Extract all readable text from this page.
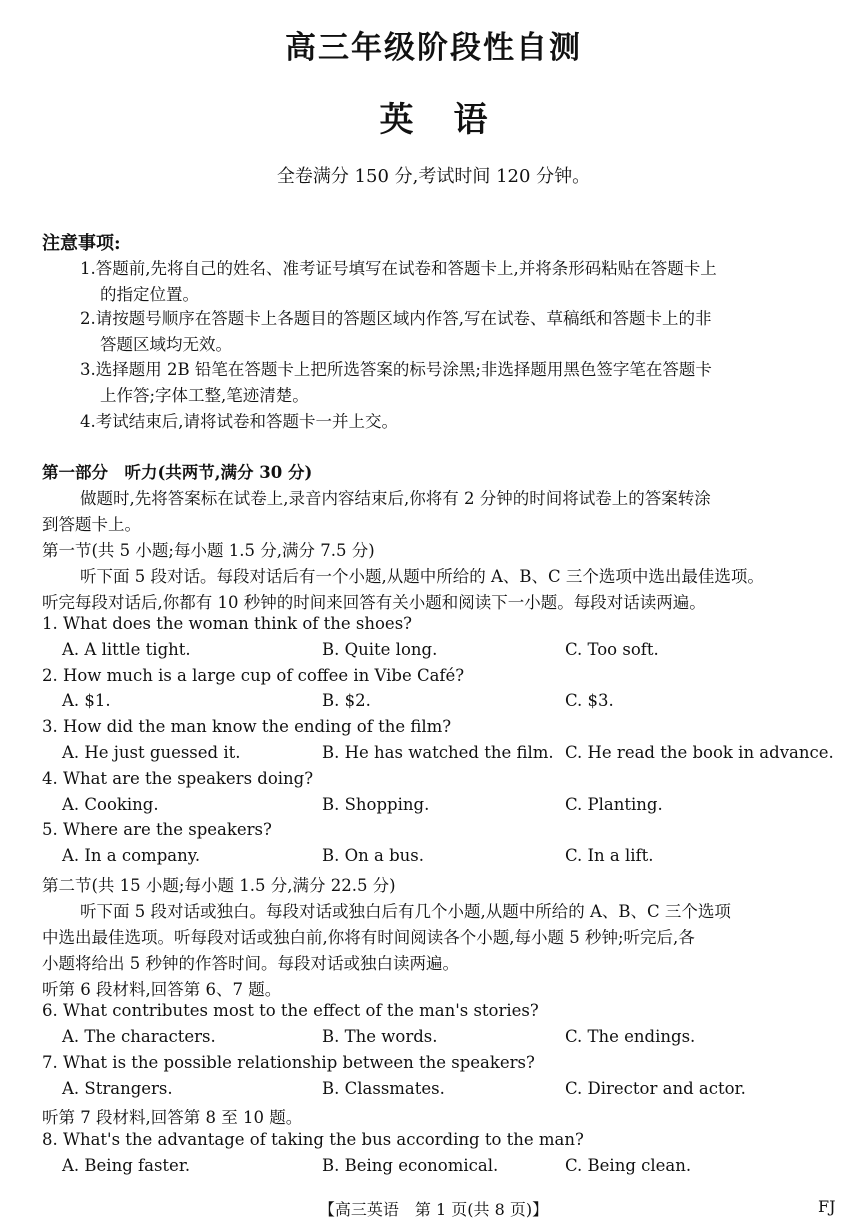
高三年级阶段性自测
英语
全卷满分 150 分,考试时间 120 分钟。
注意事项:
1.答题前,先将自己的姓名、准考证号填写在试卷和答题卡上,并将条形码粘贴在答题卡上
的指定位置。
2.请按题号顺序在答题卡上各题目的答题区域内作答,写在试卷、草稿纸和答题卡上的非
答题区域均无效。
3.选择题用 2B 铅笔在答题卡上把所选答案的标号涂黑;非选择题用黑色签字笔在答题卡
上作答;字体工整,笔迹清楚。
4.考试结束后,请将试卷和答题卡一并上交。
第一部分　听力(共两节,满分 30 分)
做题时,先将答案标在试卷上,录音内容结束后,你将有 2 分钟的时间将试卷上的答案转涂
到答题卡上。
第一节(共 5 小题;每小题 1.5 分,满分 7.5 分)
听下面 5 段对话。每段对话后有一个小题,从题中所给的 A、B、C 三个选项中选出最佳选项。
听完每段对话后,你都有 10 秒钟的时间来回答有关小题和阅读下一小题。每段对话读两遍。
1. What does the woman think of the shoes?
A. A little tight.	B. Quite long.	C. Too soft.
2. How much is a large cup of coffee in Vibe Café?
A. $1.	B. $2.	C. $3.
3. How did the man know the ending of the film?
A. He just guessed it.	B. He has watched the film. C. He read the book in advance.
4. What are the speakers doing?
A. Cooking.	B. Shopping.	C. Planting.
5. Where are the speakers?
A. In a company.	B. On a bus.	C. In a lift.
第二节(共 15 小题;每小题 1.5 分,满分 22.5 分)
听下面 5 段对话或独白。每段对话或独白后有几个小题,从题中所给的 A、B、C 三个选项
中选出最佳选项。听每段对话或独白前,你将有时间阅读各个小题,每小题 5 秒钟;听完后,各
小题将给出 5 秒钟的作答时间。每段对话或独白读两遍。
听第 6 段材料,回答第 6、7 题。
6. What contributes most to the effect of the man's stories?
A. The characters.	B. The words.	C. The endings.
7. What is the possible relationship between the speakers?
A. Strangers.	B. Classmates.	C. Director and actor.
听第 7 段材料,回答第 8 至 10 题。
8. What's the advantage of taking the bus according to the man?
A. Being faster.	B. Being economical.	C. Being clean.
【高三英语　第 1 页(共 8 页)】	FJ
